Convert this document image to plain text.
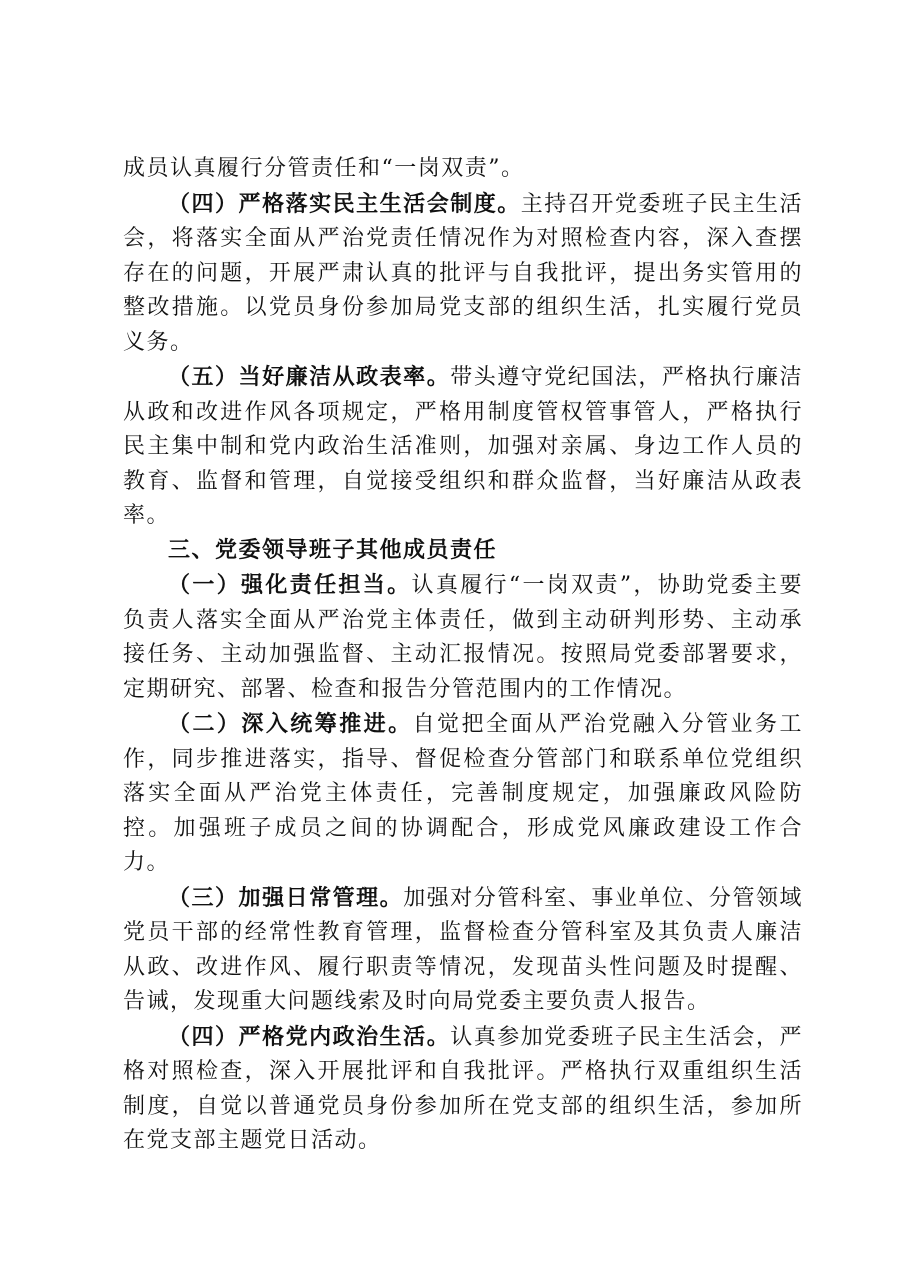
成员认真履行分管责任和“一岗双责”。

（四）严格落实民主生活会制度。主持召开党委班子民主生活会，将落实全面从严治党责任情况作为对照检查内容，深入查摆存在的问题，开展严肃认真的批评与自我批评，提出务实管用的整改措施。以党员身份参加局党支部的组织生活，扎实履行党员义务。

（五）当好廉洁从政表率。带头遵守党纪国法，严格执行廉洁从政和改进作风各项规定，严格用制度管权管事管人，严格执行民主集中制和党内政治生活准则，加强对亲属、身边工作人员的教育、监督和管理，自觉接受组织和群众监督，当好廉洁从政表率。

三、党委领导班子其他成员责任

（一）强化责任担当。认真履行“一岗双责”，协助党委主要负责人落实全面从严治党主体责任，做到主动研判形势、主动承接任务、主动加强监督、主动汇报情况。按照局党委部署要求，定期研究、部署、检查和报告分管范围内的工作情况。

（二）深入统筹推进。自觉把全面从严治党融入分管业务工作，同步推进落实，指导、督促检查分管部门和联系单位党组织落实全面从严治党主体责任，完善制度规定，加强廉政风险防控。加强班子成员之间的协调配合，形成党风廉政建设工作合力。

（三）加强日常管理。加强对分管科室、事业单位、分管领域党员干部的经常性教育管理，监督检查分管科室及其负责人廉洁从政、改进作风、履行职责等情况，发现苗头性问题及时提醒、告诫，发现重大问题线索及时向局党委主要负责人报告。

（四）严格党内政治生活。认真参加党委班子民主生活会，严格对照检查，深入开展批评和自我批评。严格执行双重组织生活制度，自觉以普通党员身份参加所在党支部的组织生活，参加所在党支部主题党日活动。
